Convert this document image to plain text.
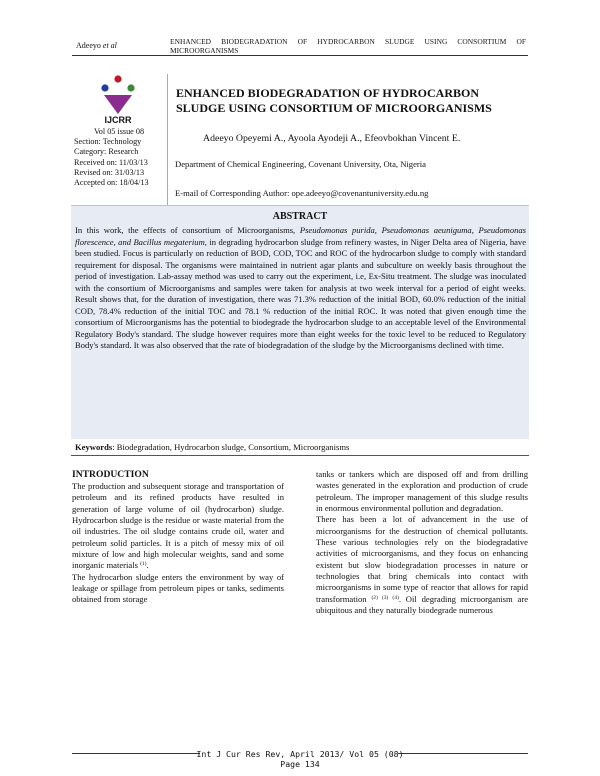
Adeeyo et al	ENHANCED BIODEGRADATION OF HYDROCARBON SLUDGE USING CONSORTIUM OF MICROORGANISMS
IJCRR
Vol 05 issue 08
Section: Technology
Category: Research
Received on: 11/03/13
Revised on: 31/03/13
Accepted on: 18/04/13
ENHANCED BIODEGRADATION OF HYDROCARBON SLUDGE USING CONSORTIUM OF MICROORGANISMS
Adeeyo Opeyemi A., Ayoola Ayodeji A., Efeovbokhan Vincent E.
Department of Chemical Engineering, Covenant University, Ota, Nigeria
E-mail of Corresponding Author: ope.adeeyo@covenantuniversity.edu.ng
ABSTRACT
In this work, the effects of consortium of Microorganisms, Pseudomonas purida, Pseudomonas aeuniguma, Pseudomonas florescence, and Bacillus megaterium, in degrading hydrocarbon sludge from refinery wastes, in Niger Delta area of Nigeria, have been studied. Focus is particularly on reduction of BOD, COD, TOC and ROC of the hydrocarbon sludge to comply with standard requirement for disposal. The organisms were maintained in nutrient agar plants and subculture on weekly basis throughout the period of investigation. Lab-assay method was used to carry out the experiment, i.e, Ex-Situ treatment. The sludge was inoculated with the consortium of Microorganisms and samples were taken for analysis at two week interval for a period of eight weeks. Result shows that, for the duration of investigation, there was 71.3% reduction of the initial BOD, 60.0% reduction of the initial COD, 78.4% reduction of the initial TOC and 78.1 % reduction of the initial ROC. It was noted that given enough time the consortium of Microorganisms has the potential to biodegrade the hydrocarbon sludge to an acceptable level of the Environmental Regulatory Body's standard. The sludge however requires more than eight weeks for the toxic level to be reduced to Regulatory Body's standard. It was also observed that the rate of biodegradation of the sludge by the Microorganisms declined with time.
Keywords: Biodegradation, Hydrocarbon sludge, Consortium, Microorganisms
INTRODUCTION

The production and subsequent storage and transportation of petroleum and its refined products have resulted in generation of large volume of oil (hydrocarbon) sludge. Hydrocarbon sludge is the residue or waste material from the oil industries. The oil sludge contains crude oil, water and petroleum solid particles. It is a pitch of messy mix of oil mixture of low and high molecular weights, sand and some inorganic materials $^{(1)}$.

The hydrocarbon sludge enters the environment by way of leakage or spillage from petroleum pipes or tanks, sediments obtained from storage

tanks or tankers which are disposed off and from drilling wastes generated in the exploration and production of crude petroleum. The improper management of this sludge results in enormous environmental pollution and degradation.

There has been a lot of advancement in the use of microorganisms for the destruction of chemical pollutants. These various technologies rely on the biodegradative activities of microorganisms, and they focus on enhancing existent but slow biodegradation processes in nature or technologies that bring chemicals into contact with microorganisms in some type of reactor that allows for rapid transformation $^{(2) (3) (4)}$. Oil degrading microorganism are ubiquitous and they naturally biodegrade numerous

Int J Cur Res Rev, April 2013/ Vol 05 (08)
Page 134
